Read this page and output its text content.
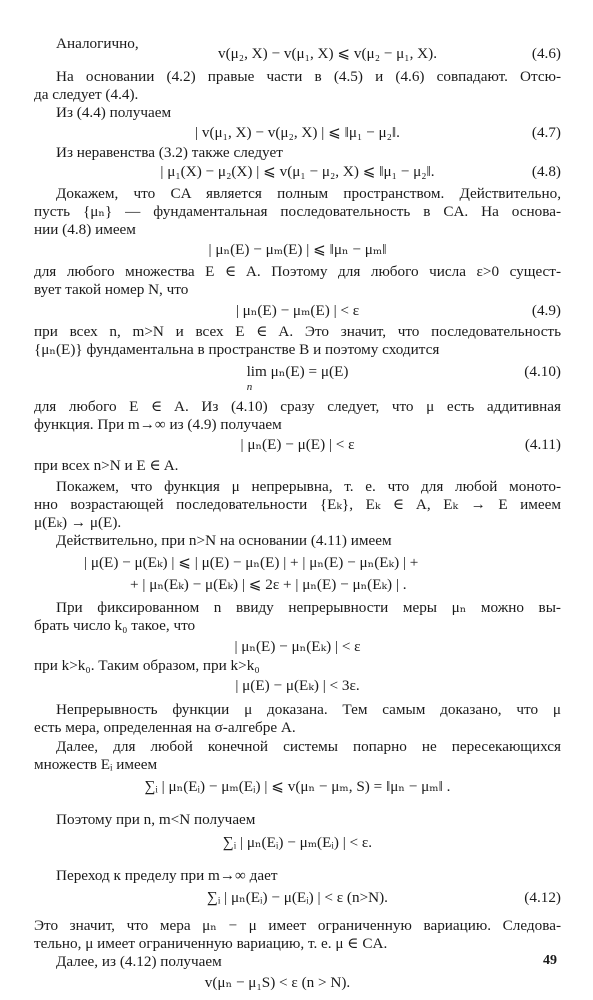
Аналогично,
v(μ₂, X) − v(μ₁, X) ⩽ v(μ₂ − μ₁, X).	(4.6)
На основании (4.2) правые части в (4.5) и (4.6) совпадают. Отсю-
да следует (4.4).
Из (4.4) получаем
| v(μ₁, X) − v(μ₂, X) | ⩽ ‖μ₁ − μ₂‖.	(4.7)
Из неравенства (3.2) также следует
| μ₁(X) − μ₂(X) | ⩽ v(μ₁ − μ₂, X) ⩽ ‖μ₁ − μ₂‖.	(4.8)
Докажем, что CA является полным пространством. Действительно,
пусть {μₙ} — фундаментальная последовательность в CA. На основа-
нии (4.8) имеем
| μₙ(E) − μₘ(E) | ⩽ ‖μₙ − μₘ‖
для любого множества E ∈ A. Поэтому для любого числа ε>0 сущест-
вует такой номер N, что
| μₙ(E) − μₘ(E) | < ε	(4.9)
при всех n, m>N и всех E ∈ A. Это значит, что последовательность
{μₙ(E)} фундаментальна в пространстве B и поэтому сходится
lim μₙ(E) = μ(E)
n
(4.10)
для любого E ∈ A. Из (4.10) сразу следует, что μ есть аддитивная
функция. При m→∞ из (4.9) получаем
| μₙ(E) − μ(E) | < ε	(4.11)
при всех n>N и E ∈ A.
Покажем, что функция μ непрерывна, т. е. что для любой моното-
нно возрастающей последовательности {Eₖ}, Eₖ ∈ A, Eₖ → E имеем
μ(Eₖ) → μ(E).
Действительно, при n>N на основании (4.11) имеем
| μ(E) − μ(Eₖ) | ⩽ | μ(E) − μₙ(E) | + | μₙ(E) − μₙ(Eₖ) | +
+ | μₙ(Eₖ) − μ(Eₖ) | ⩽ 2ε + | μₙ(E) − μₙ(Eₖ) | .
При фиксированном n ввиду непрерывности меры μₙ можно вы-
брать число k₀ такое, что
| μₙ(E) − μₙ(Eₖ) | < ε
при k>k₀. Таким образом, при k>k₀
| μ(E) − μ(Eₖ) | < 3ε.
Непрерывность функции μ доказана. Тем самым доказано, что μ
есть мера, определенная на σ-алгебре A.
Далее, для любой конечной системы попарно не пересекающихся
множеств Eᵢ имеем
∑ᵢ | μₙ(Eᵢ) − μₘ(Eᵢ) | ⩽ v(μₙ − μₘ, S) = ‖μₙ − μₘ‖ .
Поэтому при n, m<N получаем
∑ᵢ | μₙ(Eᵢ) − μₘ(Eᵢ) | < ε.
Переход к пределу при m→∞ дает
∑ᵢ | μₙ(Eᵢ) − μ(Eᵢ) | < ε (n>N).	(4.12)
Это значит, что мера μₙ − μ имеет ограниченную вариацию. Следова-
тельно, μ имеет ограниченную вариацию, т. е. μ ∈ CA.
Далее, из (4.12) получаем
v(μₙ − μ₁S) < ε (n > N).
49
